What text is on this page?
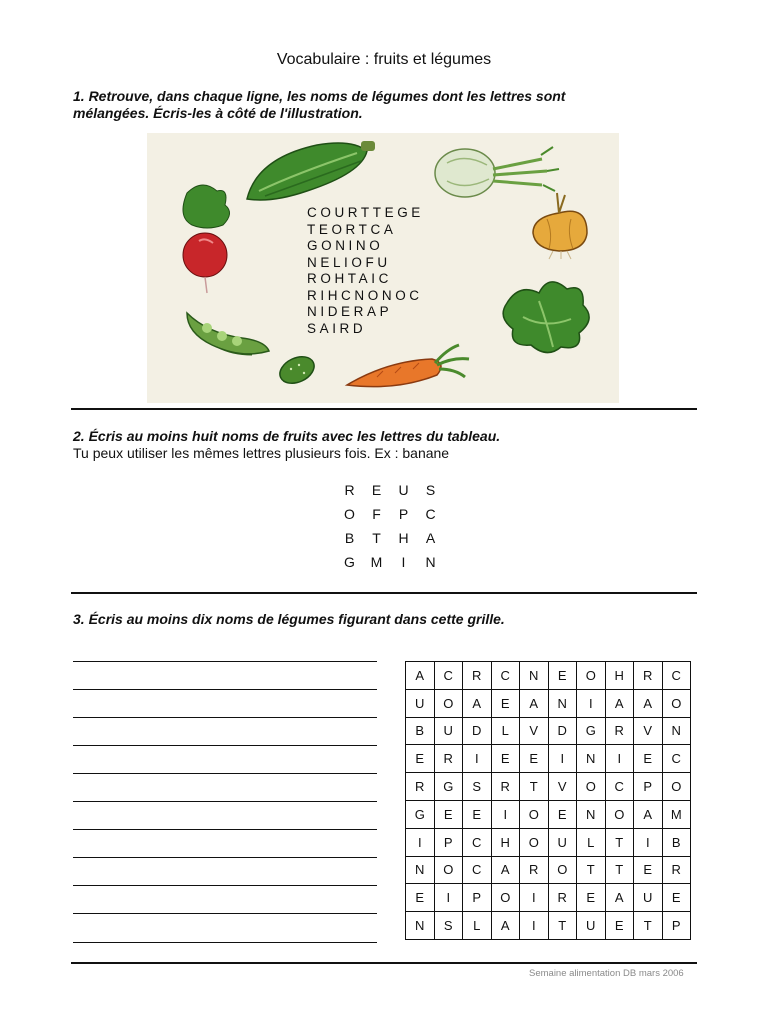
Vocabulaire : fruits et légumes
1. Retrouve, dans chaque ligne, les noms de légumes dont les lettres sont
mélangées. Écris-les à côté de l'illustration.
COURTTEGE
TEORTCA
GONINO
NELIOFU
ROHTAIC
RIHCNONOC
NIDERAP
SAIRD
2. Écris au moins huit noms de fruits avec les lettres du tableau.
Tu peux utiliser les mêmes lettres plusieurs fois. Ex : banane
R	E	U	S
O	F	P	C
B	T	H	A
G	M	I	N
3. Écris au moins dix noms de légumes figurant dans cette grille.
A	C	R	C	N	E	O	H	R	C
U	O	A	E	A	N	I	A	A	O
B	U	D	L	V	D	G	R	V	N
E	R	I	E	E	I	N	I	E	C
R	G	S	R	T	V	O	C	P	O
G	E	E	I	O	E	N	O	A	M
I	P	C	H	O	U	L	T	I	B
N	O	C	A	R	O	T	T	E	R
E	I	P	O	I	R	E	A	U	E
N	S	L	A	I	T	U	E	T	P
Semaine alimentation DB mars 2006
